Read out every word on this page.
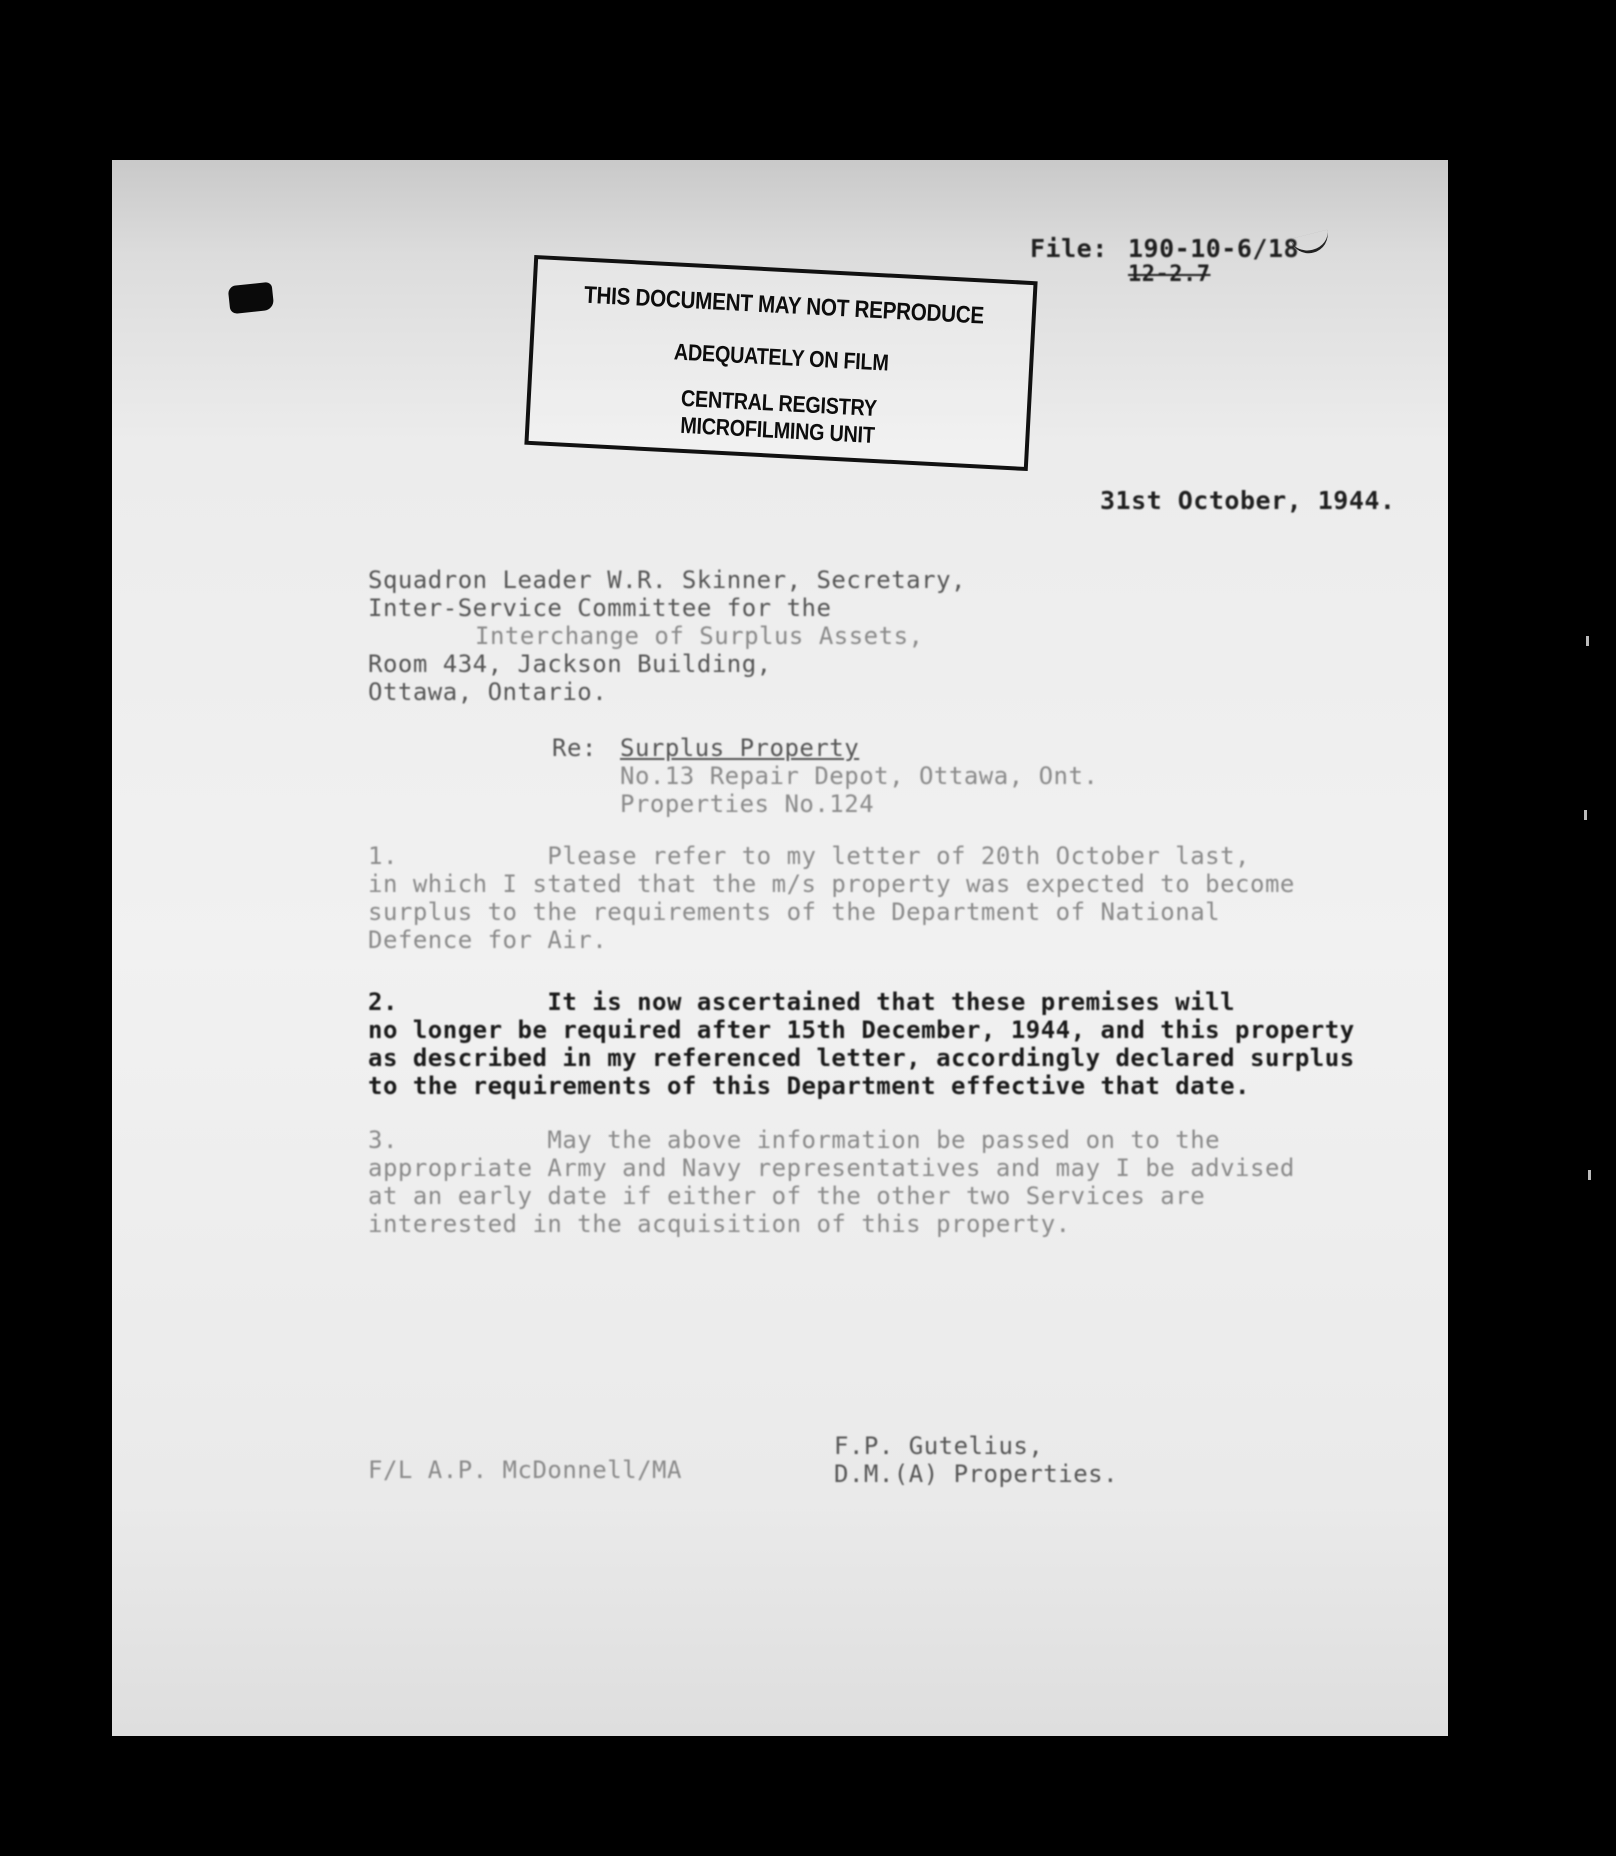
File: 190-10-6/18
12-2.7
THIS DOCUMENT MAY NOT REPRODUCE
ADEQUATELY ON FILM
CENTRAL REGISTRY
MICROFILMING UNIT
31st October, 1944.
Squadron Leader W.R. Skinner, Secretary,
Inter-Service Committee for the
Interchange of Surplus Assets,
Room 434, Jackson Building,
Ottawa, Ontario.
Re: Surplus Property
No.13 Repair Depot, Ottawa, Ont.
Properties No.124
1.          Please refer to my letter of 20th October last,
in which I stated that the m/s property was expected to become
surplus to the requirements of the Department of National
Defence for Air.
2.          It is now ascertained that these premises will
no longer be required after 15th December, 1944, and this property
as described in my referenced letter, accordingly declared surplus
to the requirements of this Department effective that date.
3.          May the above information be passed on to the
appropriate Army and Navy representatives and may I be advised
at an early date if either of the other two Services are
interested in the acquisition of this property.
F/L A.P. McDonnell/MA
F.P. Gutelius,
D.M.(A) Properties.
